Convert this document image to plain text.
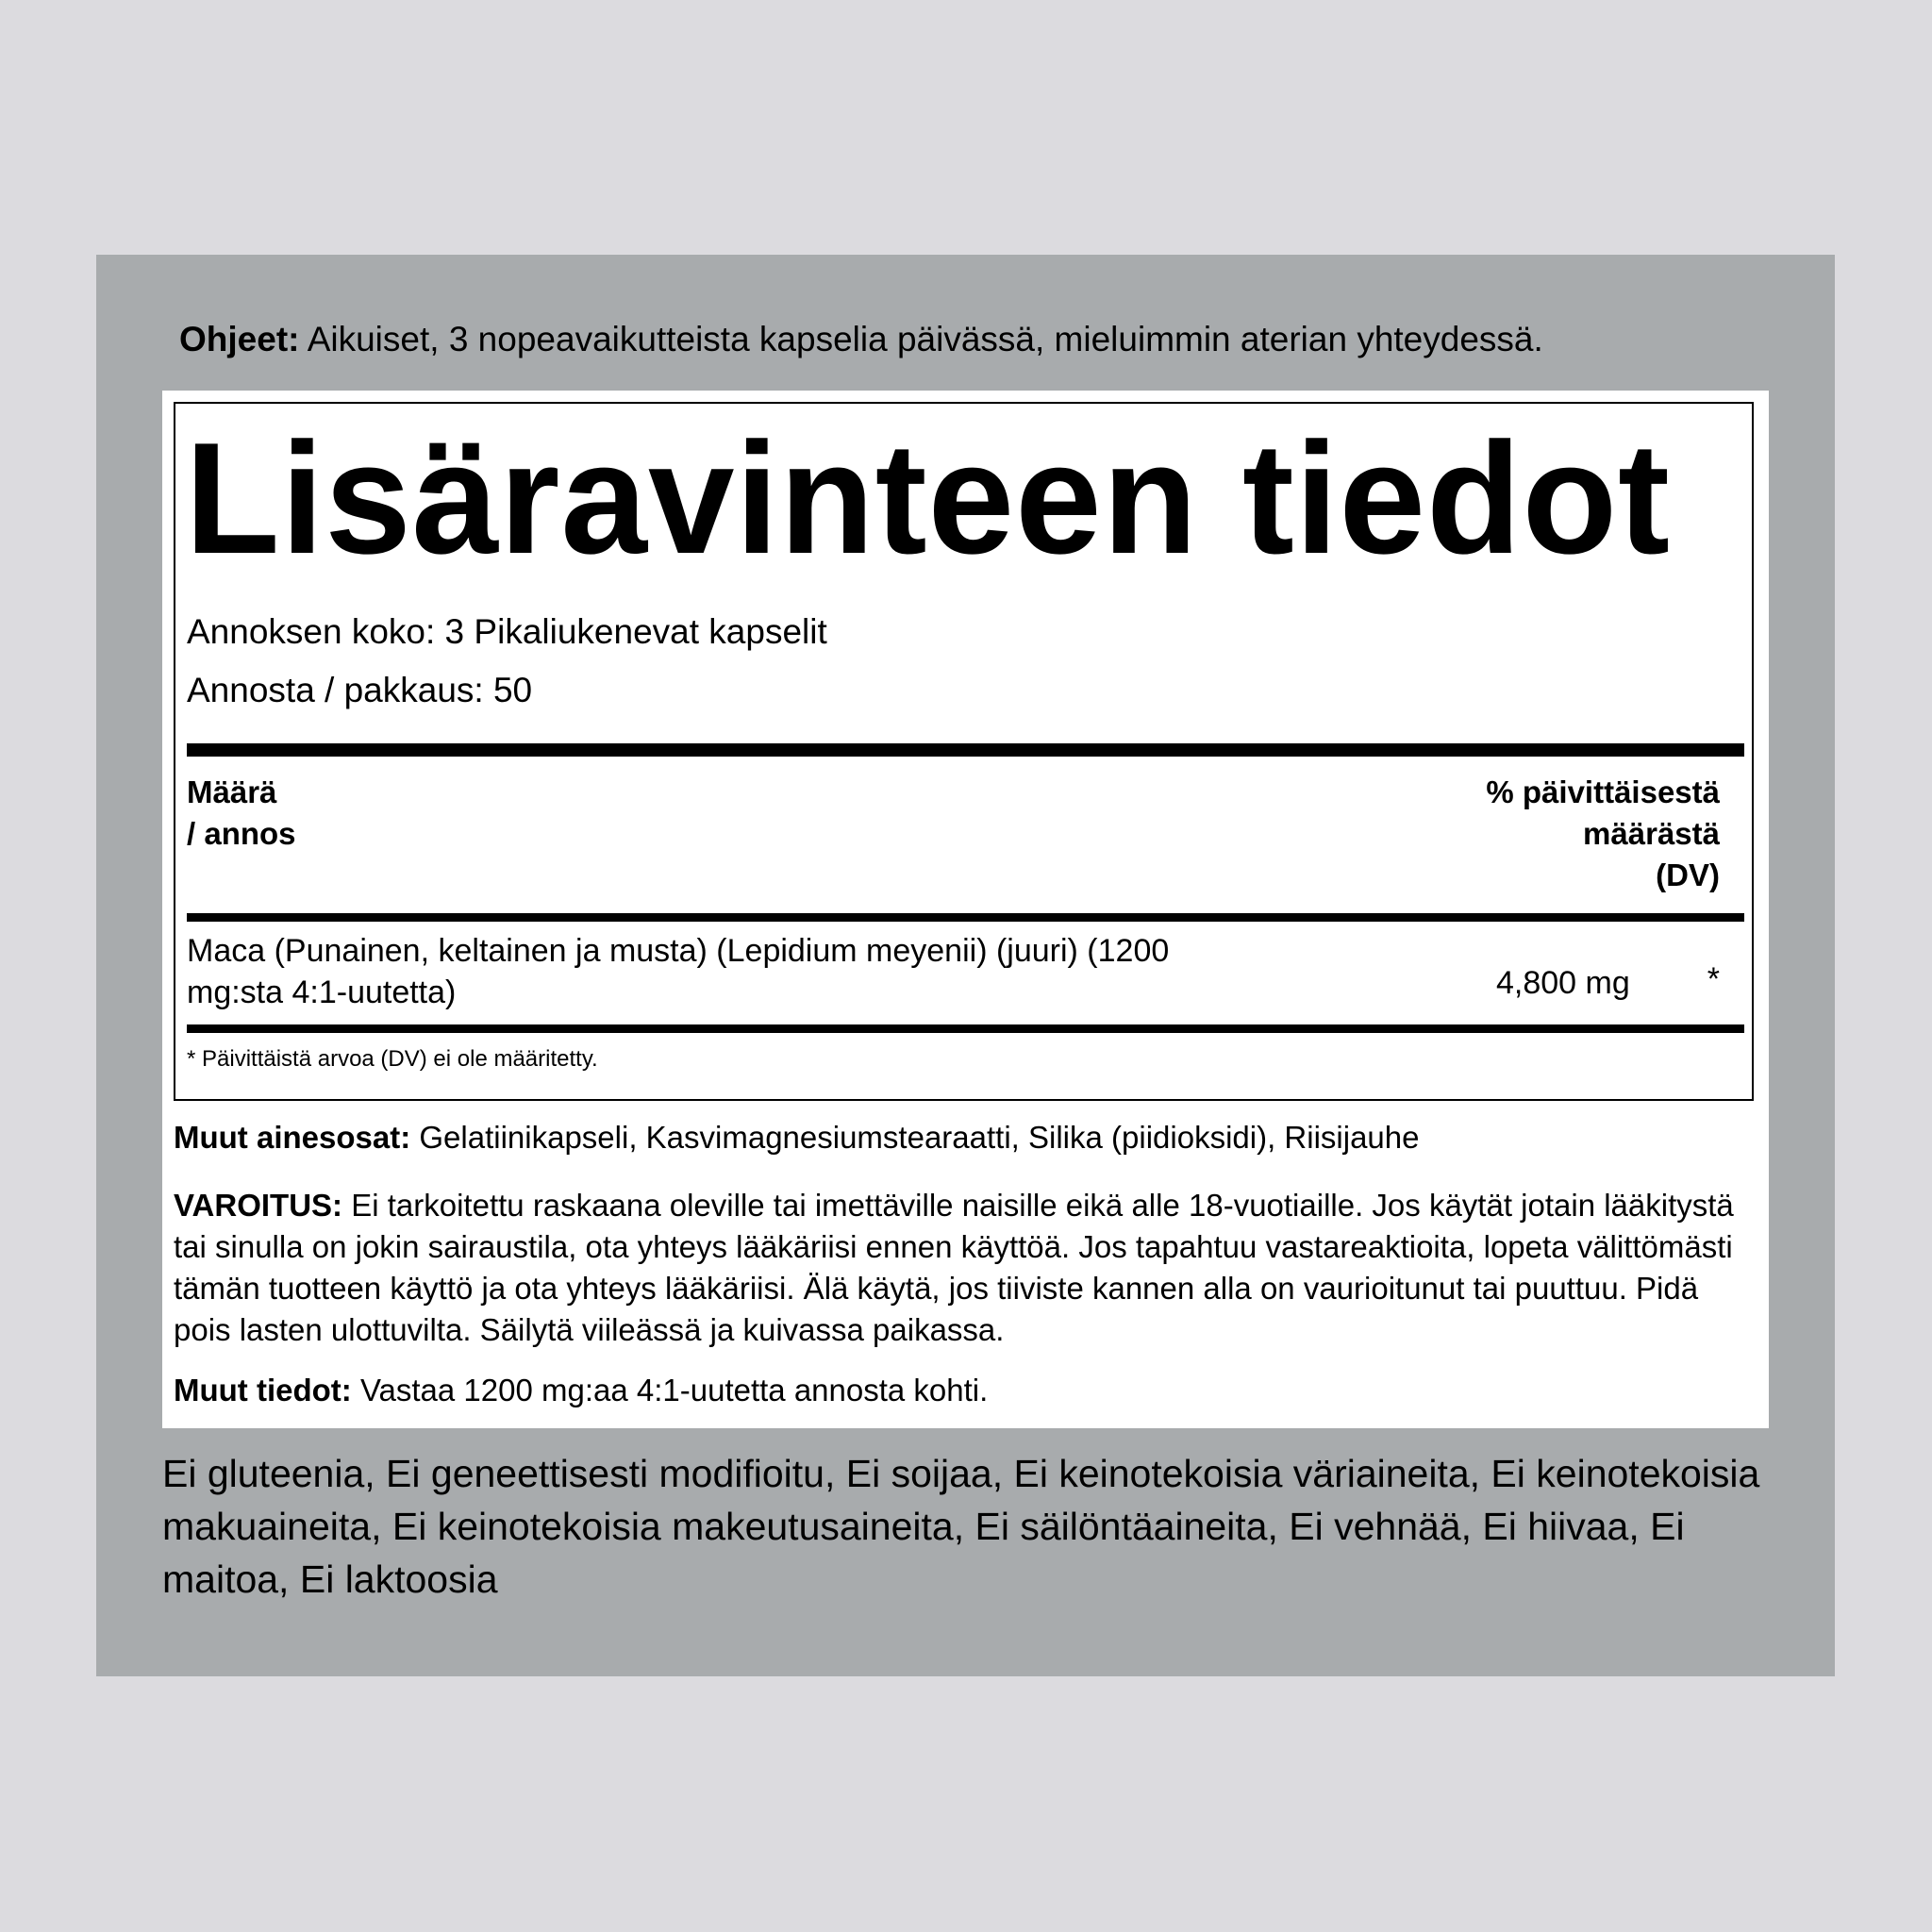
Ohjeet: Aikuiset, 3 nopeavaikutteista kapselia päivässä, mieluimmin aterian yhteydessä.
Lisäravinteen tiedot
Annoksen koko: 3 Pikaliukenevat kapselit
Annosta / pakkaus: 50
Määrä
/ annos
% päivittäisestä
määrästä
(DV)
Maca (Punainen, keltainen ja musta) (Lepidium meyenii) (juuri) (1200 mg:sta 4:1-uutetta)	4,800 mg *
* Päivittäistä arvoa (DV) ei ole määritetty.
Muut ainesosat: Gelatiinikapseli, Kasvimagnesiumstearaatti, Silika (piidioksidi), Riisijauhe
VAROITUS: Ei tarkoitettu raskaana oleville tai imettäville naisille eikä alle 18-vuotiaille. Jos käytät jotain lääkitystä tai sinulla on jokin sairaustila, ota yhteys lääkäriisi ennen käyttöä. Jos tapahtuu vastareaktioita, lopeta välittömästi tämän tuotteen käyttö ja ota yhteys lääkäriisi. Älä käytä, jos tiiviste kannen alla on vaurioitunut tai puuttuu. Pidä pois lasten ulottuvilta. Säilytä viileässä ja kuivassa paikassa.
Muut tiedot: Vastaa 1200 mg:aa 4:1-uutetta annosta kohti.
Ei gluteenia, Ei geneettisesti modifioitu, Ei soijaa, Ei keinotekoisia väriaineita, Ei keinotekoisia makuaineita, Ei keinotekoisia makeutusaineita, Ei säilöntäaineita, Ei vehnää, Ei hiivaa, Ei maitoa, Ei laktoosia
